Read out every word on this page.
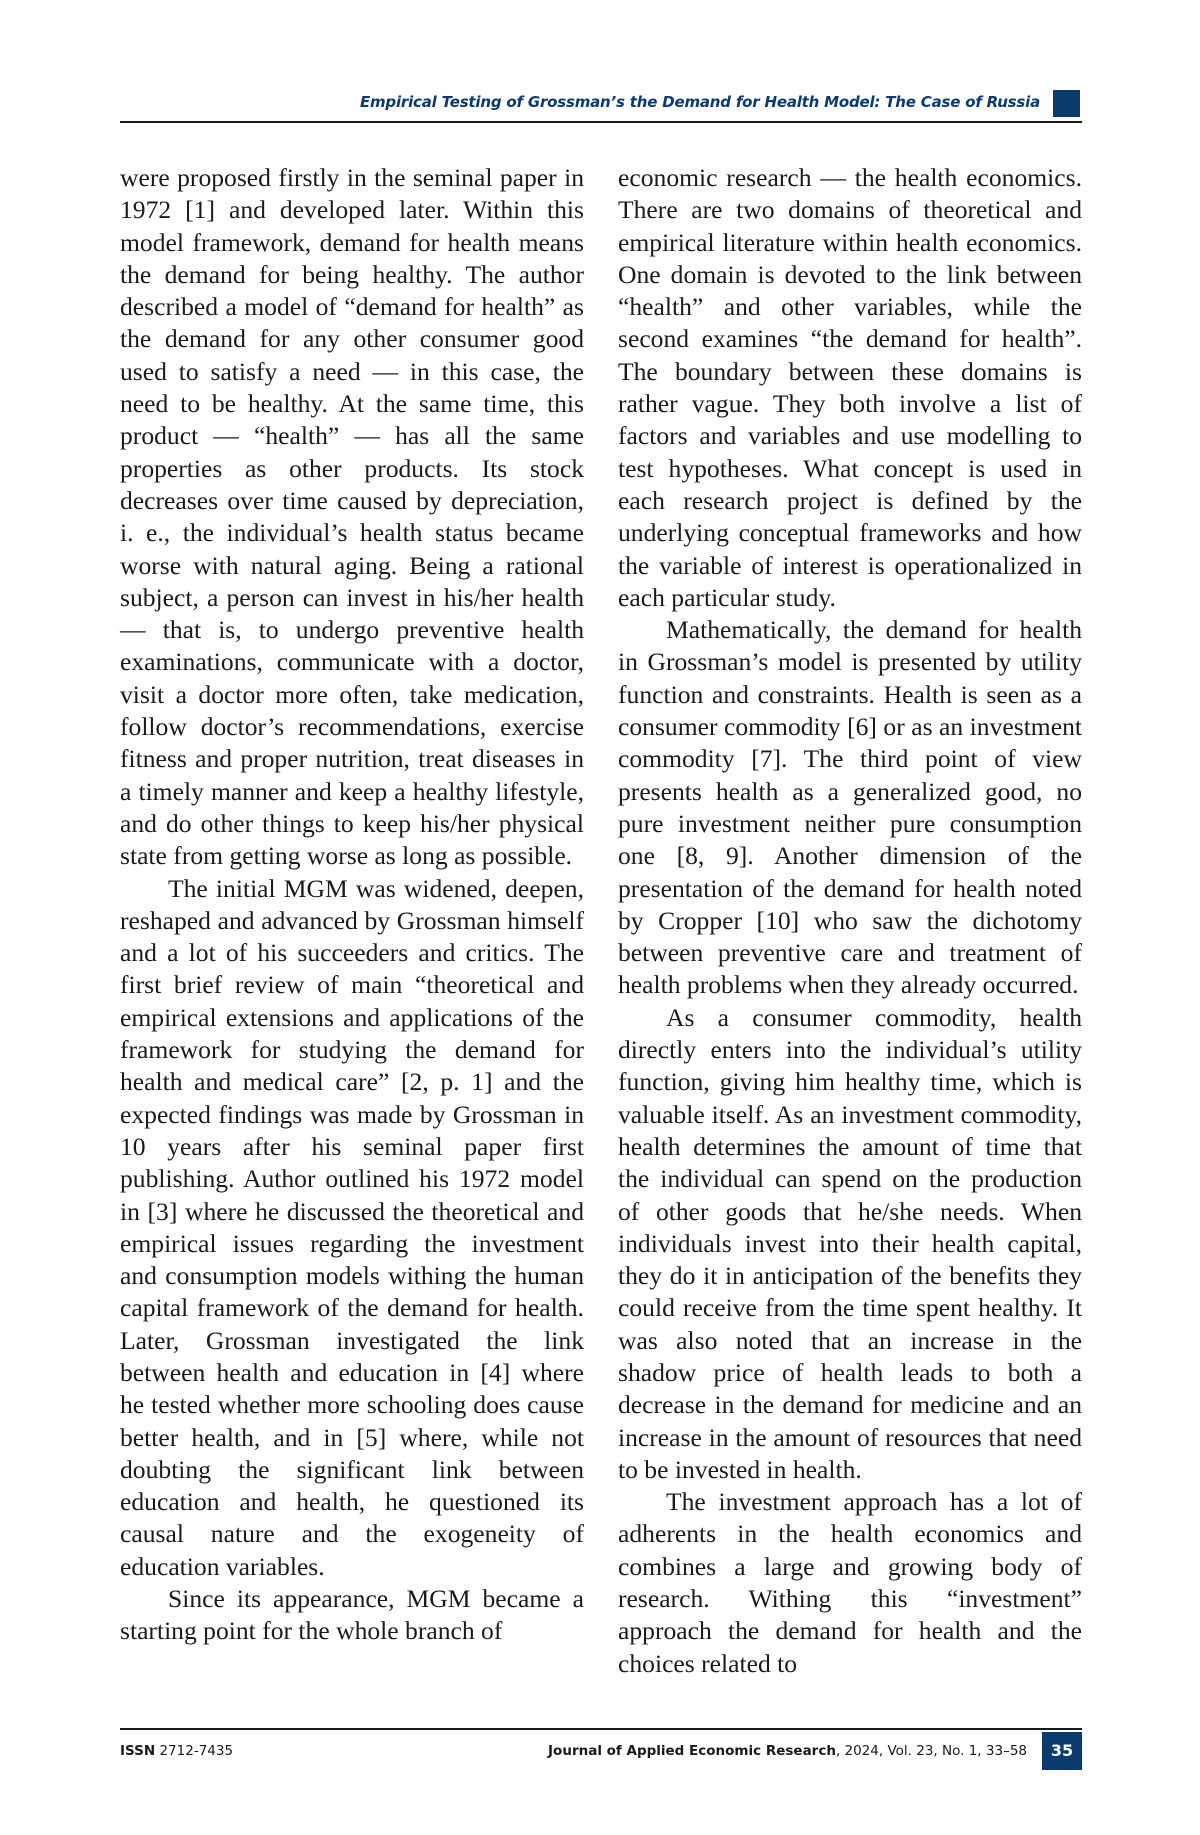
Empirical Testing of Grossman’s the Demand for Health Model: The Case of Russia

were proposed firstly in the seminal paper in 1972 [1] and developed later. Within this model framework, demand for health means the demand for being healthy. The author described a model of “demand for health” as the demand for any other consumer good used to satisfy a need — in this case, the need to be healthy. At the same time, this product — “health” — has all the same properties as other products. Its stock decreases over time caused by depreciation, i. e., the individual’s health status became worse with natural aging. Being a rational subject, a person can invest in his/her health — that is, to undergo preventive health examinations, communicate with a doctor, visit a doctor more often, take medication, follow doctor’s recommendations, exercise fitness and proper nutrition, treat diseases in a timely manner and keep a healthy lifestyle, and do other things to keep his/her physical state from getting worse as long as possible.

The initial MGM was widened, deepen, reshaped and advanced by Grossman himself and a lot of his succeeders and critics. The first brief review of main “theoretical and empirical extensions and applications of the framework for studying the demand for health and medical care” [2, p. 1] and the expected findings was made by Grossman in 10 years after his seminal paper first publishing. Author outlined his 1972 model in [3] where he discussed the theoretical and empirical issues regarding the investment and consumption models withing the human capital framework of the demand for health. Later, Grossman investigated the link between health and education in [4] where he tested whether more schooling does cause better health, and in [5] where, while not doubting the significant link between education and health, he questioned its causal nature and the exogeneity of education variables.

Since its appearance, MGM became a starting point for the whole branch of

economic research — the health economics. There are two domains of theoretical and empirical literature within health economics. One domain is devoted to the link between “health” and other variables, while the second examines “the demand for health”. The boundary between these domains is rather vague. They both involve a list of factors and variables and use modelling to test hypotheses. What concept is used in each research project is defined by the underlying conceptual frameworks and how the variable of interest is operationalized in each particular study.

Mathematically, the demand for health in Grossman’s model is presented by utility function and constraints. Health is seen as a consumer commodity [6] or as an investment commodity [7]. The third point of view presents health as a generalized good, no pure investment neither pure consumption one [8, 9]. Another dimension of the presentation of the demand for health noted by Cropper [10] who saw the dichotomy between preventive care and treatment of health problems when they already occurred.

As a consumer commodity, health directly enters into the individual’s utility function, giving him healthy time, which is valuable itself. As an investment commodity, health determines the amount of time that the individual can spend on the production of other goods that he/she needs. When individuals invest into their health capital, they do it in anticipation of the benefits they could receive from the time spent healthy. It was also noted that an increase in the shadow price of health leads to both a decrease in the demand for medicine and an increase in the amount of resources that need to be invested in health.

The investment approach has a lot of adherents in the health economics and combines a large and growing body of research. Withing this “investment” approach the demand for health and the choices related to

ISSN 2712-7435	Journal of Applied Economic Research, 2024, Vol. 23, No. 1, 33–58	35
